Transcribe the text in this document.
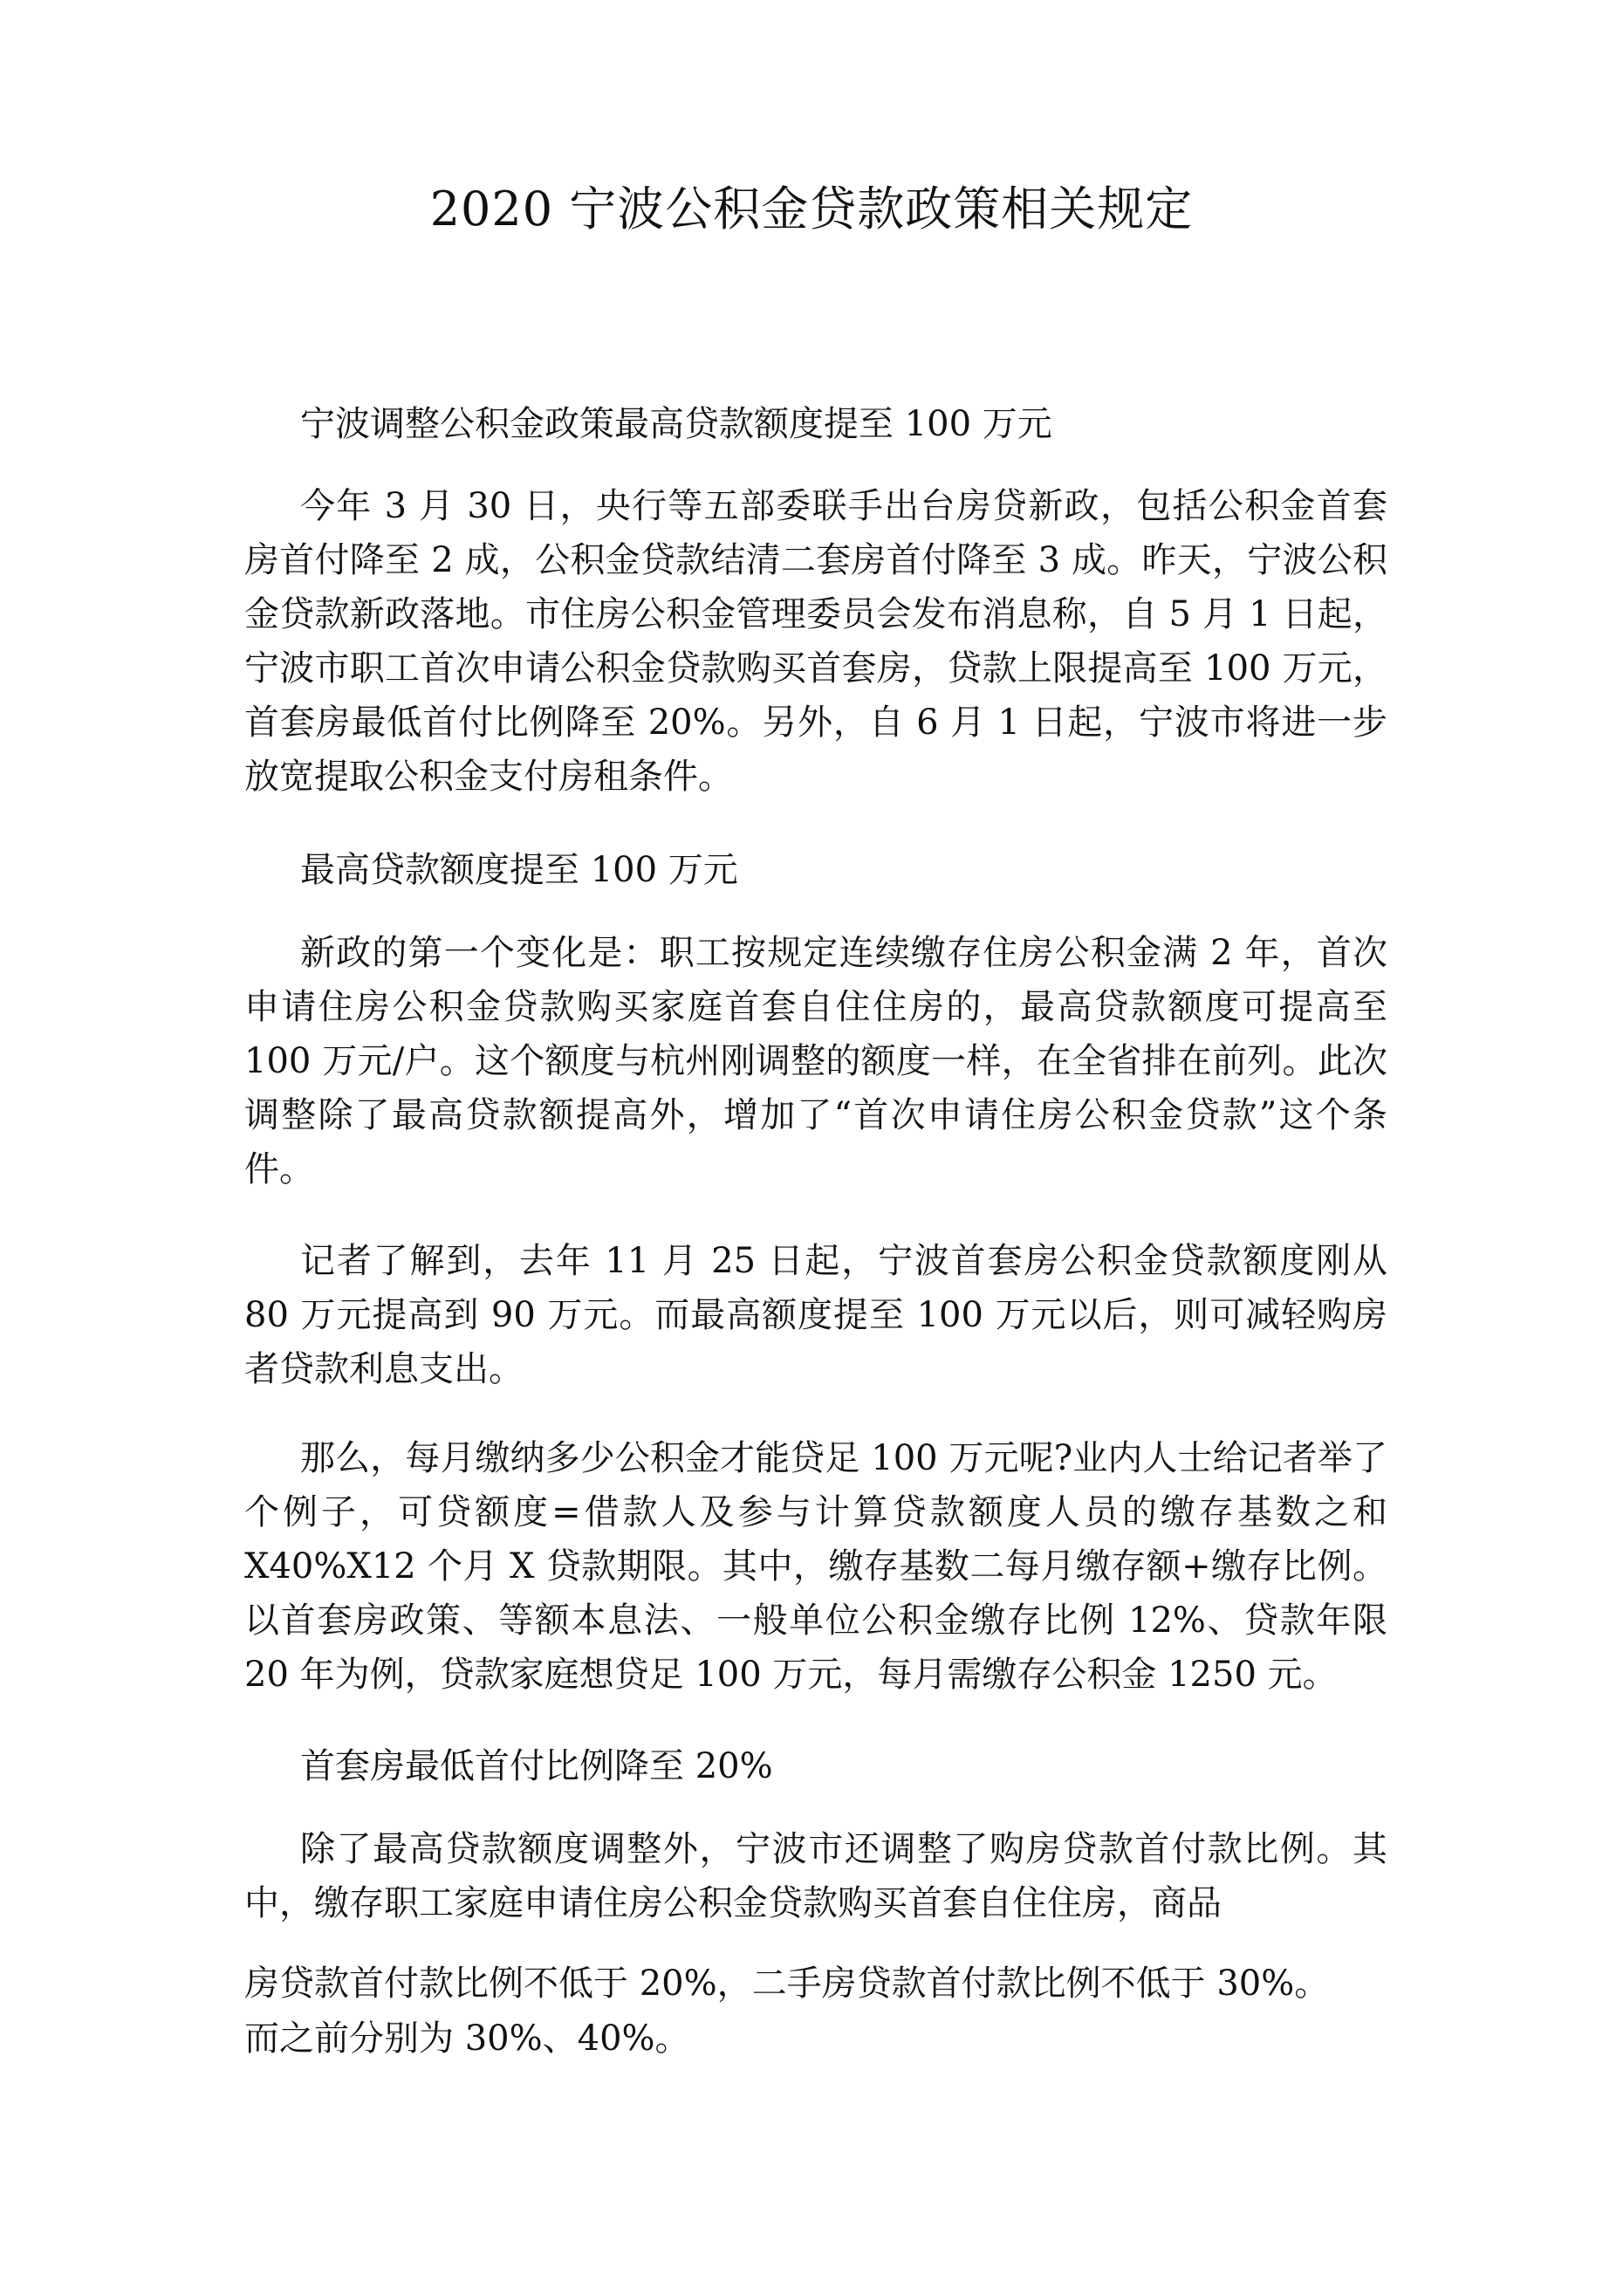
2020 宁波公积金贷款政策相关规定

宁波调整公积金政策最高贷款额度提至 100 万元

今年 3 月 30 日，央行等五部委联手出台房贷新政，包括公积金首套房首付降至 2 成，公积金贷款结清二套房首付降至 3 成。昨天，宁波公积金贷款新政落地。市住房公积金管理委员会发布消息称，自 5 月 1 日起，宁波市职工首次申请公积金贷款购买首套房，贷款上限提高至 100 万元，首套房最低首付比例降至 20%。另外，自 6 月 1 日起，宁波市将进一步放宽提取公积金支付房租条件。

最高贷款额度提至 100 万元

新政的第一个变化是：职工按规定连续缴存住房公积金满 2 年，首次申请住房公积金贷款购买家庭首套自住住房的，最高贷款额度可提高至 100 万元/户。这个额度与杭州刚调整的额度一样，在全省排在前列。此次调整除了最高贷款额提高外，增加了“首次申请住房公积金贷款”这个条件。

记者了解到，去年 11 月 25 日起，宁波首套房公积金贷款额度刚从 80 万元提高到 90 万元。而最高额度提至 100 万元以后，则可减轻购房者贷款利息支出。

那么，每月缴纳多少公积金才能贷足 100 万元呢?业内人士给记者举了个例子，可贷额度=借款人及参与计算贷款额度人员的缴存基数之和 X40%X12 个月 X 贷款期限。其中，缴存基数二每月缴存额+缴存比例。以首套房政策、等额本息法、一般单位公积金缴存比例 12%、贷款年限 20 年为例，贷款家庭想贷足 100 万元，每月需缴存公积金 1250 元。

首套房最低首付比例降至 20%

除了最高贷款额度调整外，宁波市还调整了购房贷款首付款比例。其中，缴存职工家庭申请住房公积金贷款购买首套自住住房，商品

房贷款首付款比例不低于 20%，二手房贷款首付款比例不低于 30%。

而之前分别为 30%、40%。
